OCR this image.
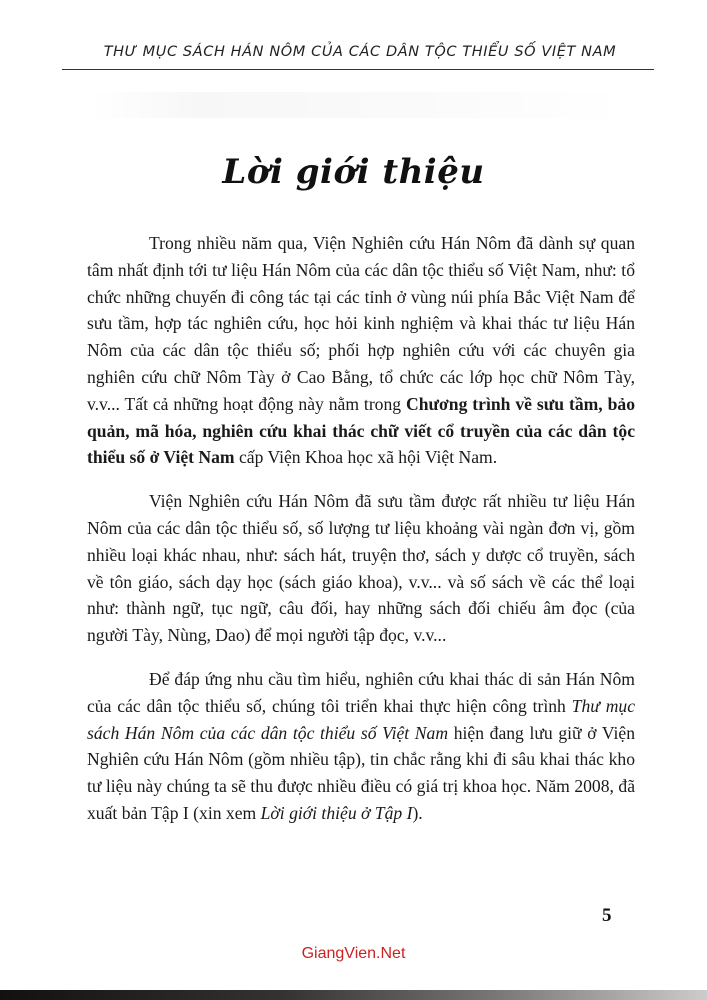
THƯ MỤC SÁCH HÁN NÔM CỦA CÁC DÂN TỘC THIỂU SỐ VIỆT NAM
Lời giới thiệu

Trong nhiều năm qua, Viện Nghiên cứu Hán Nôm đã dành sự quan tâm nhất định tới tư liệu Hán Nôm của các dân tộc thiểu số Việt Nam, như: tổ chức những chuyến đi công tác tại các tỉnh ở vùng núi phía Bắc Việt Nam để sưu tầm, hợp tác nghiên cứu, học hỏi kinh nghiệm và khai thác tư liệu Hán Nôm của các dân tộc thiểu số; phối hợp nghiên cứu với các chuyên gia nghiên cứu chữ Nôm Tày ở Cao Bằng, tổ chức các lớp học chữ Nôm Tày, v.v... Tất cả những hoạt động này nằm trong Chương trình về sưu tầm, bảo quản, mã hóa, nghiên cứu khai thác chữ viết cổ truyền của các dân tộc thiểu số ở Việt Nam cấp Viện Khoa học xã hội Việt Nam.

Viện Nghiên cứu Hán Nôm đã sưu tầm được rất nhiều tư liệu Hán Nôm của các dân tộc thiểu số, số lượng tư liệu khoảng vài ngàn đơn vị, gồm nhiều loại khác nhau, như: sách hát, truyện thơ, sách y dược cổ truyền, sách về tôn giáo, sách dạy học (sách giáo khoa), v.v... và số sách về các thể loại như: thành ngữ, tục ngữ, câu đối, hay những sách đối chiếu âm đọc (của người Tày, Nùng, Dao) để mọi người tập đọc, v.v...

Để đáp ứng nhu cầu tìm hiểu, nghiên cứu khai thác di sản Hán Nôm của các dân tộc thiểu số, chúng tôi triển khai thực hiện công trình Thư mục sách Hán Nôm của các dân tộc thiểu số Việt Nam hiện đang lưu giữ ở Viện Nghiên cứu Hán Nôm (gồm nhiều tập), tin chắc rằng khi đi sâu khai thác kho tư liệu này chúng ta sẽ thu được nhiều điều có giá trị khoa học. Năm 2008, đã xuất bản Tập I (xin xem Lời giới thiệu ở Tập I).

5
GiangVien.Net
